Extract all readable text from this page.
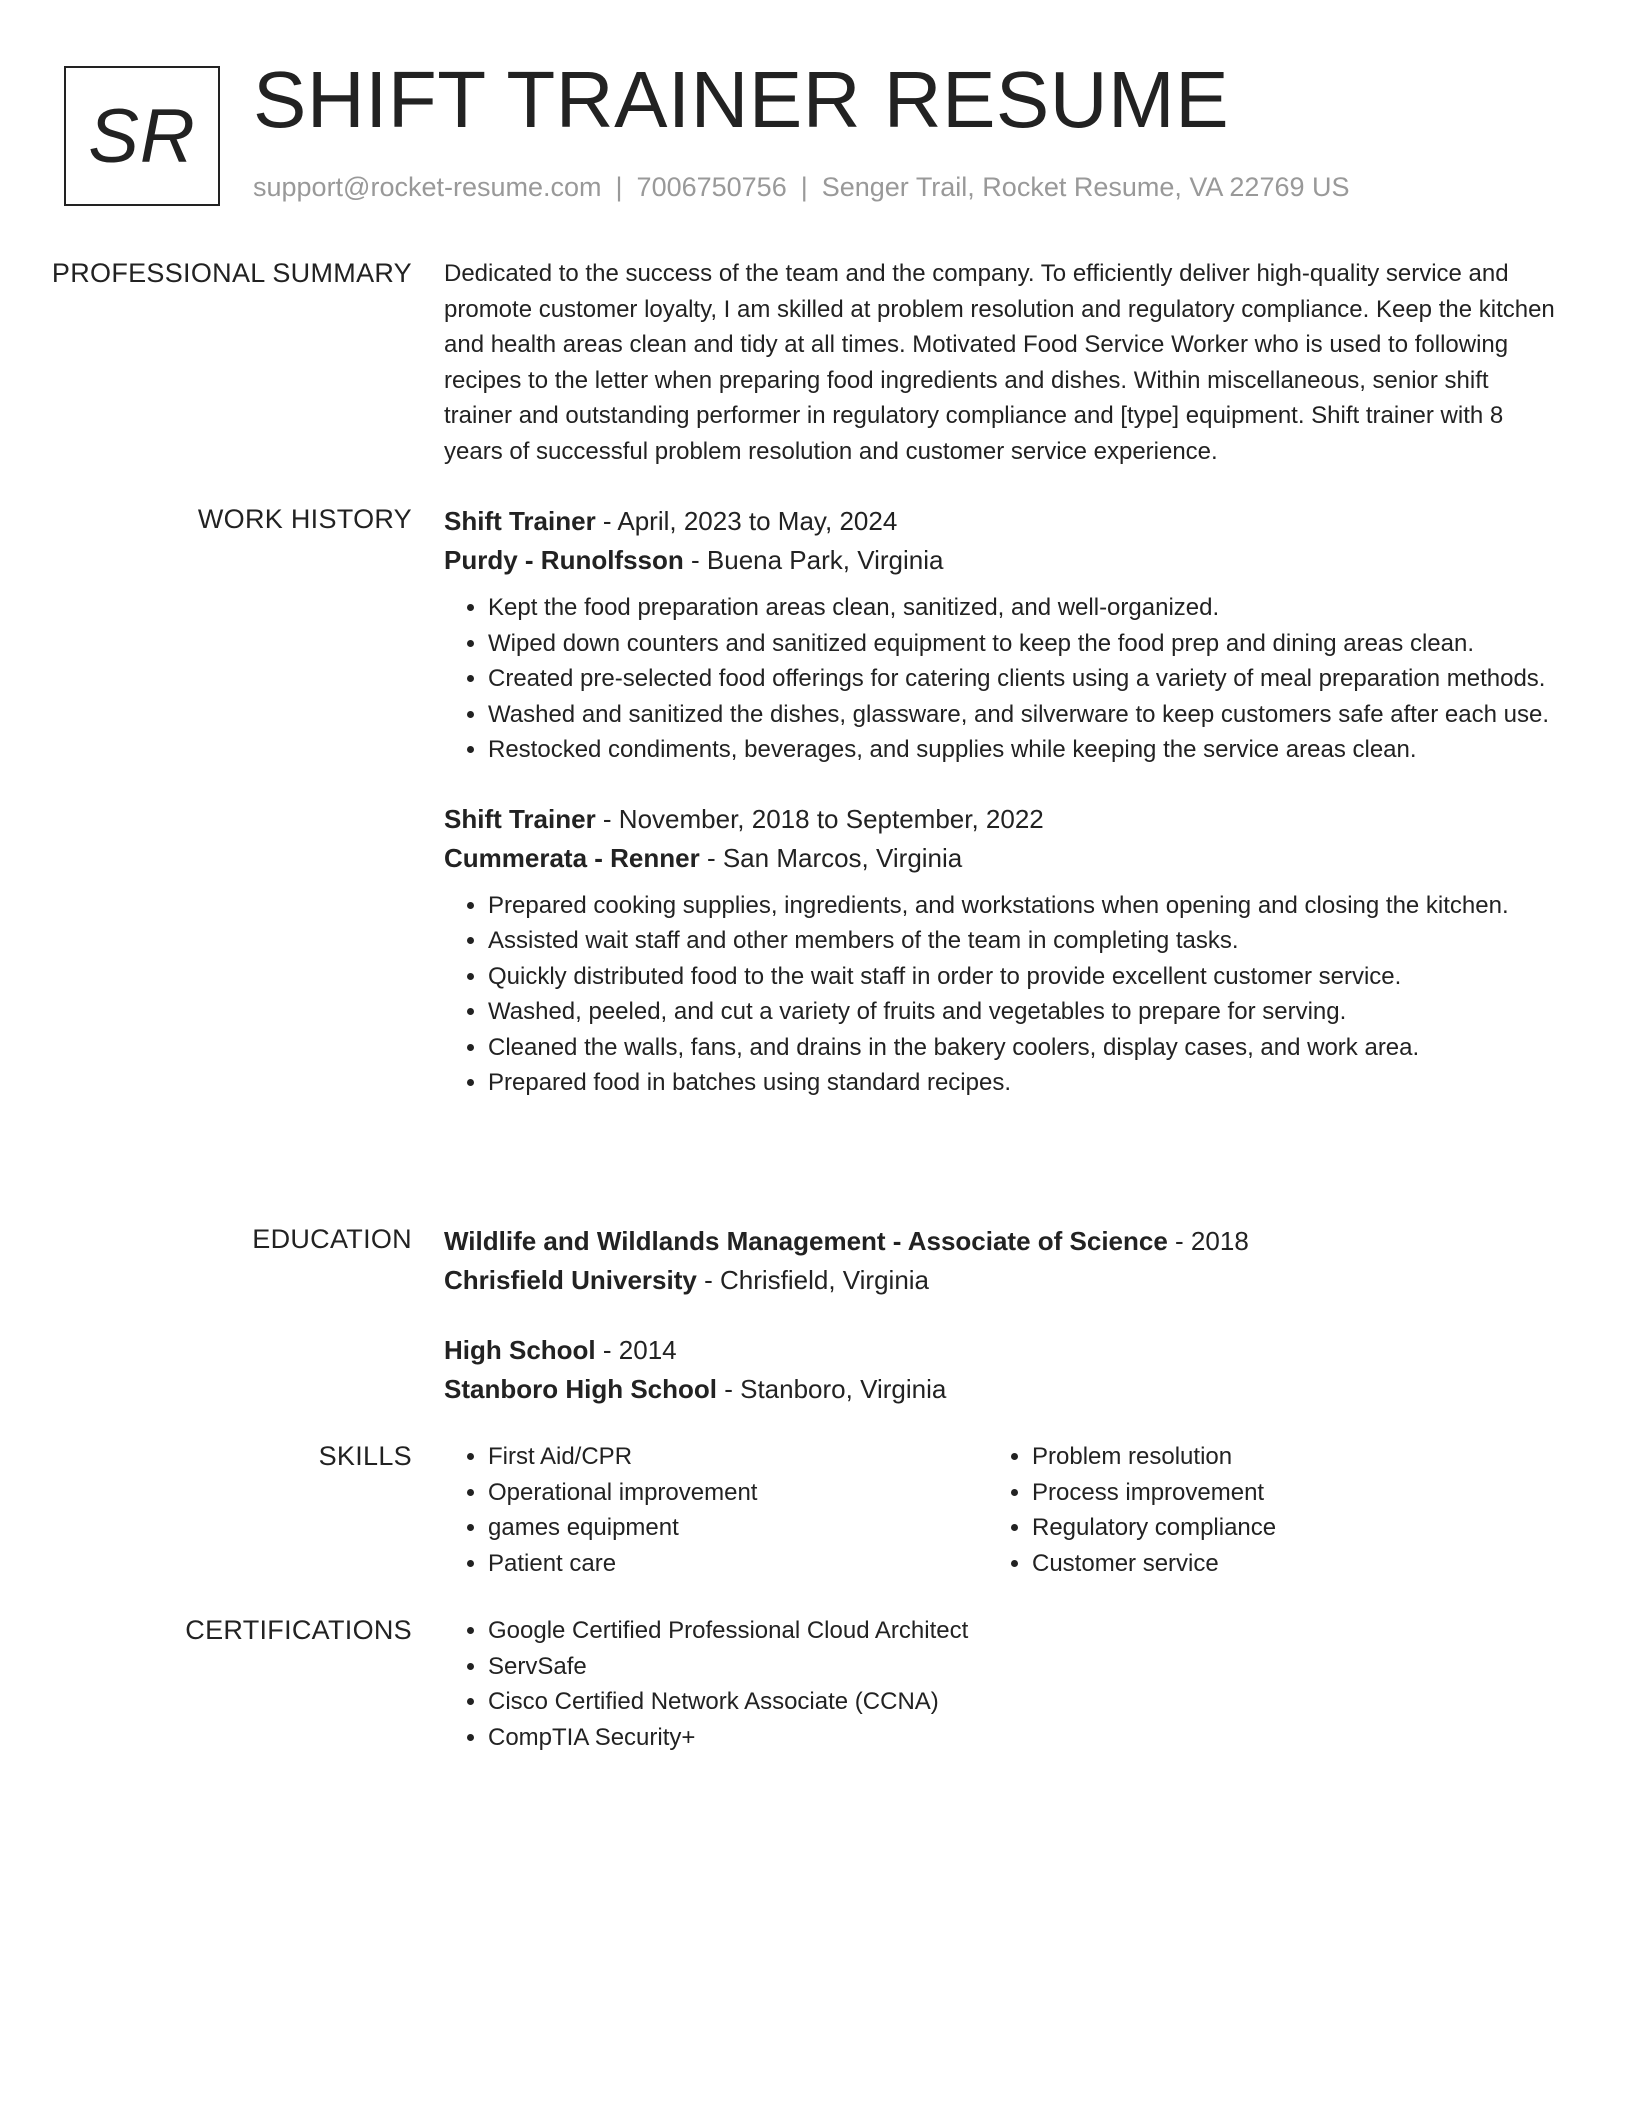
SR SHIFT TRAINER RESUME
support@rocket-resume.com | 7006750756 | Senger Trail, Rocket Resume, VA 22769 US
PROFESSIONAL SUMMARY Dedicated to the success of the team and the company. To efficiently deliver high-quality service and promote customer loyalty, I am skilled at problem resolution and regulatory compliance. Keep the kitchen and health areas clean and tidy at all times. Motivated Food Service Worker who is used to following recipes to the letter when preparing food ingredients and dishes. Within miscellaneous, senior shift trainer and outstanding performer in regulatory compliance and [type] equipment. Shift trainer with 8 years of successful problem resolution and customer service experience.

WORK HISTORY Shift Trainer - April, 2023 to May, 2024
Purdy - Runolfsson - Buena Park, Virginia
• Kept the food preparation areas clean, sanitized, and well-organized.
• Wiped down counters and sanitized equipment to keep the food prep and dining areas clean.
• Created pre-selected food offerings for catering clients using a variety of meal preparation methods.
• Washed and sanitized the dishes, glassware, and silverware to keep customers safe after each use.
• Restocked condiments, beverages, and supplies while keeping the service areas clean.
Shift Trainer - November, 2018 to September, 2022
Cummerata - Renner - San Marcos, Virginia
• Prepared cooking supplies, ingredients, and workstations when opening and closing the kitchen.
• Assisted wait staff and other members of the team in completing tasks.
• Quickly distributed food to the wait staff in order to provide excellent customer service.
• Washed, peeled, and cut a variety of fruits and vegetables to prepare for serving.
• Cleaned the walls, fans, and drains in the bakery coolers, display cases, and work area.
• Prepared food in batches using standard recipes.
EDUCATION Wildlife and Wildlands Management - Associate of Science - 2018
Chrisfield University - Chrisfield, Virginia
High School - 2014
Stanboro High School - Stanboro, Virginia
SKILLS	• First Aid/CPR
• Operational improvement
• games equipment
• Patient care
• Problem resolution
• Process improvement
• Regulatory compliance
• Customer service
CERTIFICATIONS	• Google Certified Professional Cloud Architect
• ServSafe
• Cisco Certified Network Associate (CCNA)
• CompTIA Security+
